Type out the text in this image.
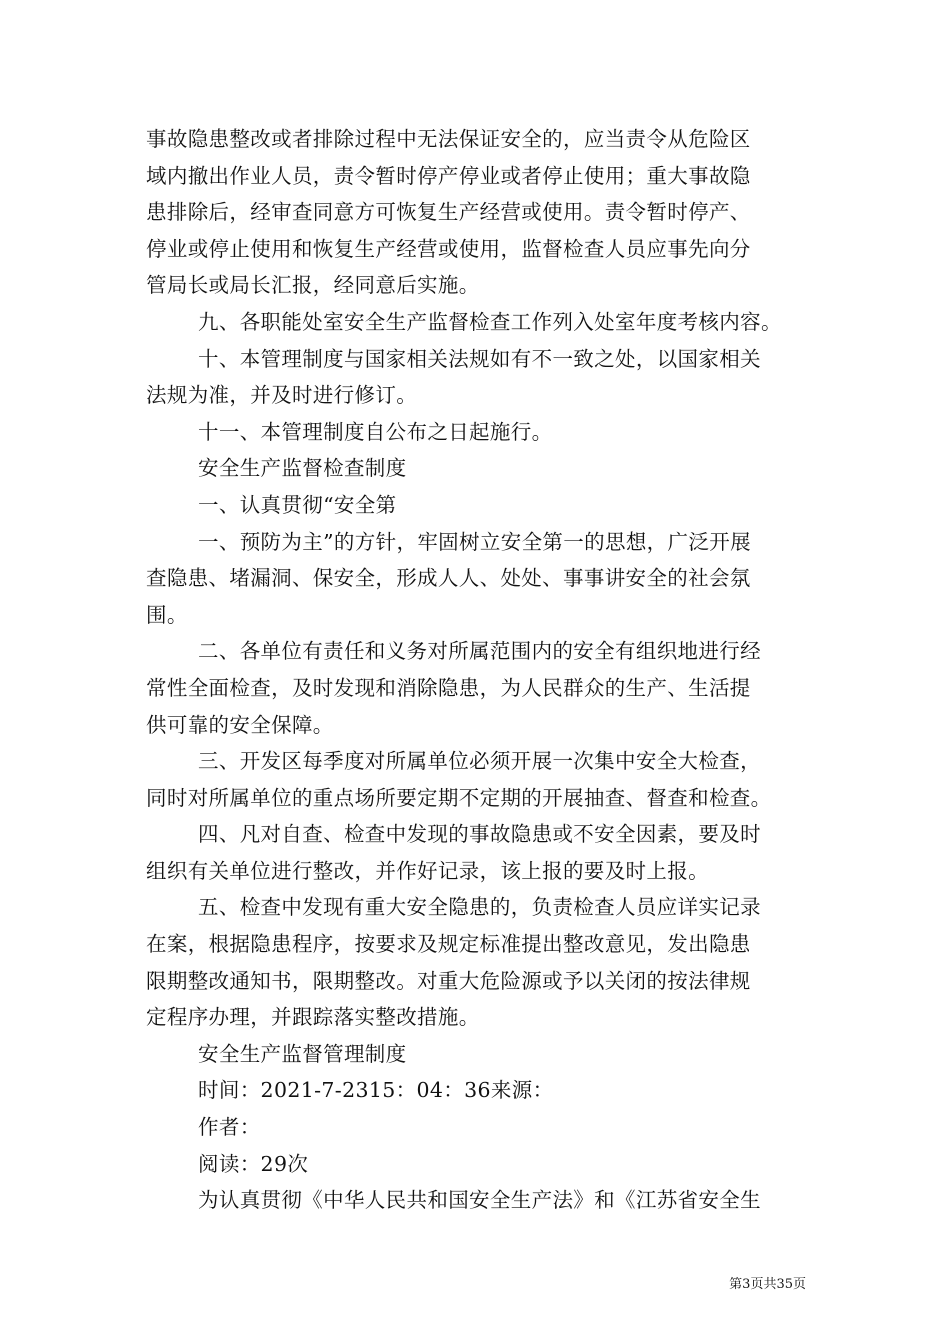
事故隐患整改或者排除过程中无法保证安全的，应当责令从危险区
域内撤出作业人员，责令暂时停产停业或者停止使用；重大事故隐
患排除后，经审查同意方可恢复生产经营或使用。责令暂时停产、
停业或停止使用和恢复生产经营或使用，监督检查人员应事先向分
管局长或局长汇报，经同意后实施。
九、各职能处室安全生产监督检查工作列入处室年度考核内容。
十、本管理制度与国家相关法规如有不一致之处，以国家相关
法规为准，并及时进行修订。
十一、本管理制度自公布之日起施行。
安全生产监督检查制度
一、认真贯彻“安全第
一、预防为主”的方针，牢固树立安全第一的思想，广泛开展
查隐患、堵漏洞、保安全，形成人人、处处、事事讲安全的社会氛
围。
二、各单位有责任和义务对所属范围内的安全有组织地进行经
常性全面检查，及时发现和消除隐患，为人民群众的生产、生活提
供可靠的安全保障。
三、开发区每季度对所属单位必须开展一次集中安全大检查，
同时对所属单位的重点场所要定期不定期的开展抽查、督查和检查。
四、凡对自查、检查中发现的事故隐患或不安全因素，要及时
组织有关单位进行整改，并作好记录，该上报的要及时上报。
五、检查中发现有重大安全隐患的，负责检查人员应详实记录
在案，根据隐患程序，按要求及规定标准提出整改意见，发出隐患
限期整改通知书，限期整改。对重大危险源或予以关闭的按法律规
定程序办理，并跟踪落实整改措施。
安全生产监督管理制度
时间：2021-7-2315：04：36来源：
作者：
阅读：29次
为认真贯彻《中华人民共和国安全生产法》和《江苏省安全生
第3页共35页
